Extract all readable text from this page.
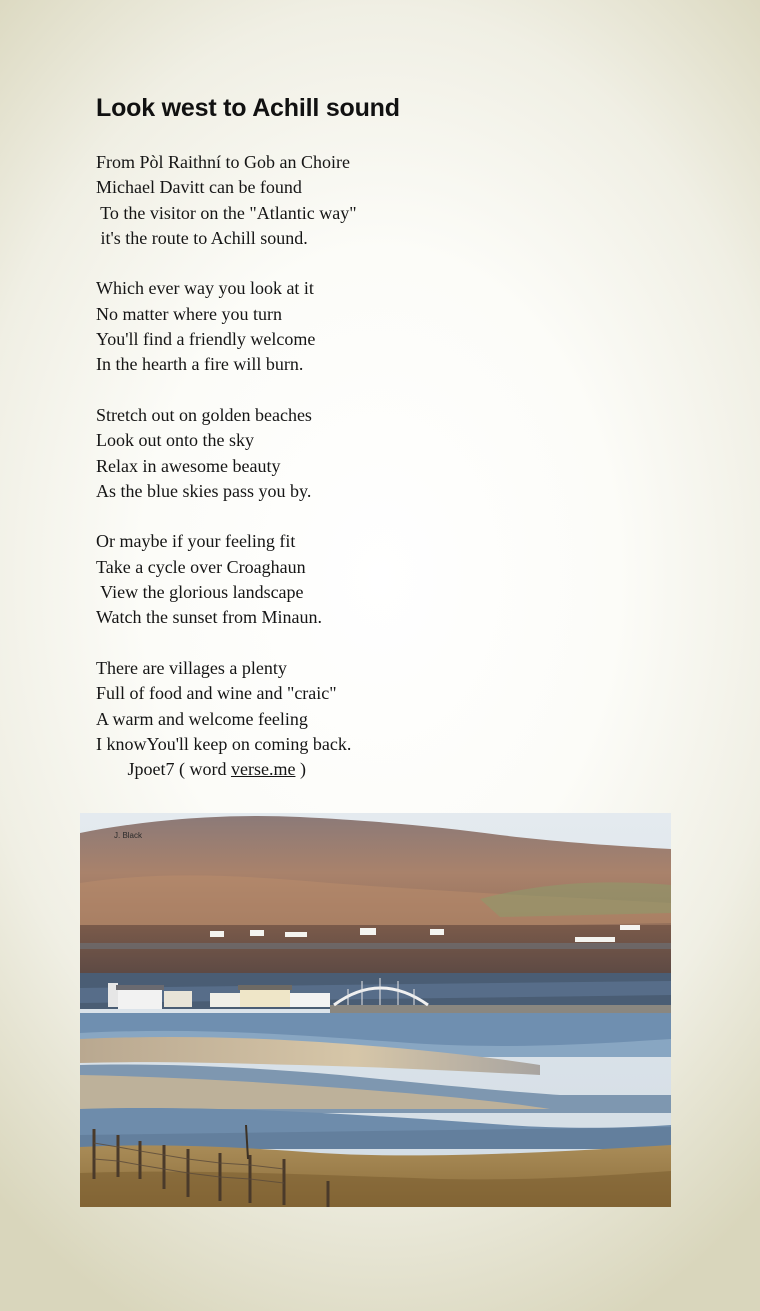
Look west to Achill sound
From Pòl Raithní to Gob an Choire
Michael Davitt can be found
To the visitor on the "Atlantic way"
it's the route to Achill sound.
Which ever way you look at it
No matter where you turn
You'll find a friendly welcome
In the hearth a fire will burn.
Stretch out on golden beaches
Look out onto the sky
Relax in awesome beauty
As the blue skies pass you by.
Or maybe if your feeling fit
Take a cycle over Croaghaun
View the glorious landscape
Watch the sunset from Minaun.
There are villages a plenty
Full of food and wine and "craic"
A warm and welcome feeling
I knowYou'll keep on coming back.
Jpoet7 ( word verse.me )
J. Black
